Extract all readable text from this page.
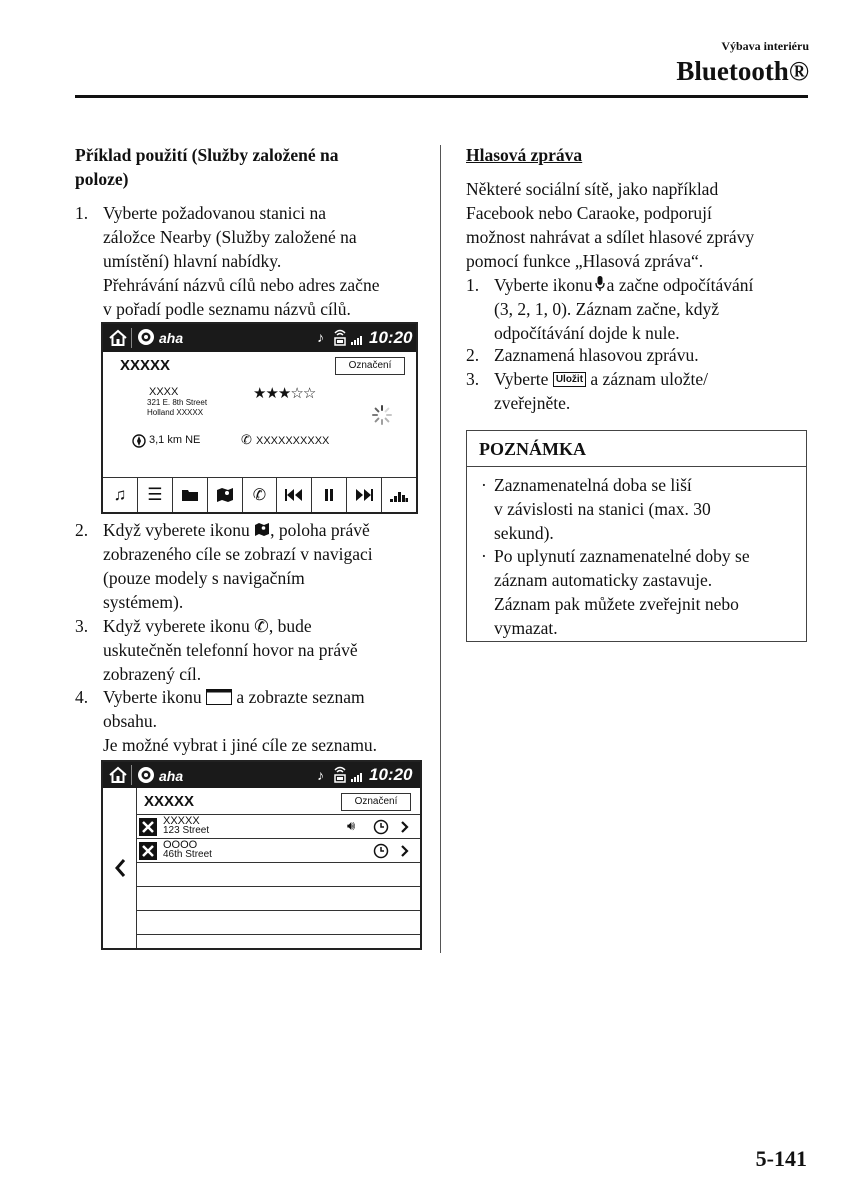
Výbava interiéru
Bluetooth®
Příklad použití (Služby založené na
poloze)
1. Vyberte požadovanou stanici na
záložce Nearby (Služby založené na
umístění) hlavní nabídky.
Přehrávání názvů cílů nebo adres začne
v pořadí podle seznamu názvů cílů.
aha	♪	10:20
XXXXX	Označení
XXXX
321 E. 8th Street
Holland XXXXX
★★★☆☆
3,1 km NE	✆ XXXXXXXXXX
♫ ☰	✆
2. Když vyberete ikonu , poloha právě
zobrazeného cíle se zobrazí v navigaci
(pouze modely s navigačním
systémem).
3. Když vyberete ikonu ✆, bude
uskutečněn telefonní hovor na právě
zobrazený cíl.
4. Vyberte ikonu a zobrazte seznam
obsahu.
Je možné vybrat i jiné cíle ze seznamu.
aha	♪	10:20
XXXXX	Označení
XXXXX
123 Street	🔊︎
OOOO
46th Street
Hlasová zpráva
Některé sociální sítě, jako například
Facebook nebo Caraoke, podporují
možnost nahrávat a sdílet hlasové zprávy
pomocí funkce „Hlasová zpráva“.
1. Vyberte ikonu a začne odpočítávání
(3, 2, 1, 0). Záznam začne, když
odpočítávání dojde k nule.
2. Zaznamená hlasovou zprávu.
3. Vyberte Uložit a záznam uložte/
zveřejněte.
POZNÁMKA
· Zaznamenatelná doba se liší
v závislosti na stanici (max. 30
sekund).
· Po uplynutí zaznamenatelné doby se
záznam automaticky zastavuje.
Záznam pak můžete zveřejnit nebo
vymazat.
5-141
